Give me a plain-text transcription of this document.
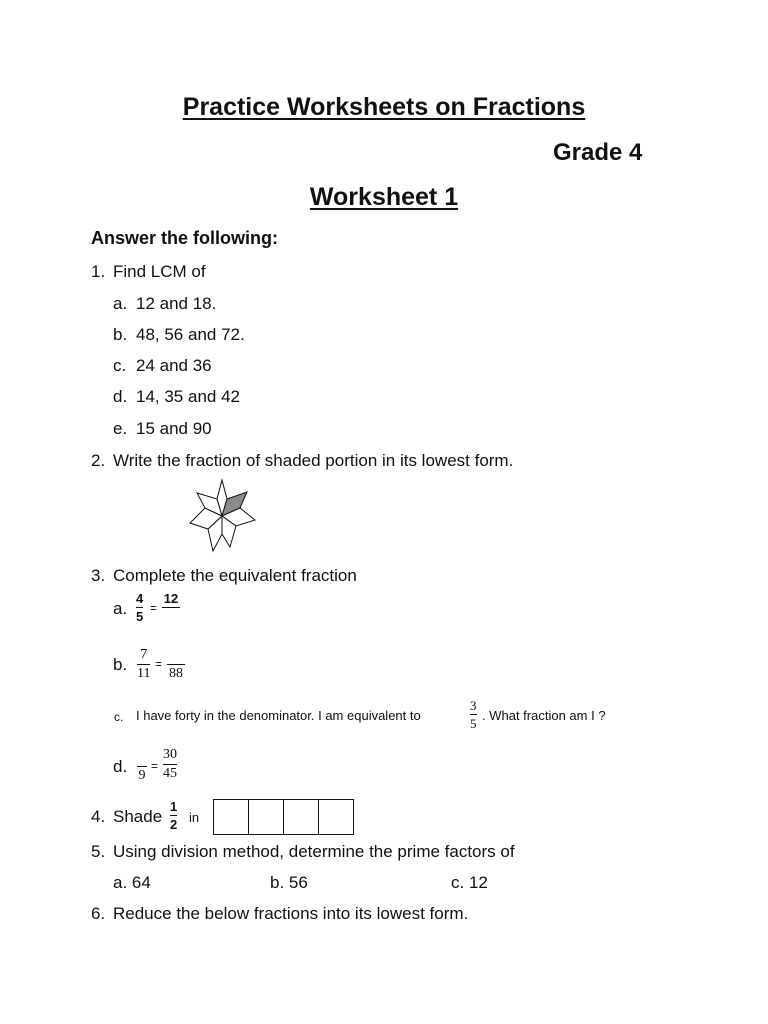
Practice Worksheets on Fractions
Grade 4
Worksheet 1
Answer the following:
1. Find LCM of
a. 12 and 18.
b. 48, 56 and 72.
c. 24 and 36
d. 14, 35 and 42
e. 15 and 90
2. Write the fraction of shaded portion in its lowest form.
3. Complete the equivalent fraction
a.
4
5
=
12
b.
7
11
=
88
c. I have forty in the denominator. I am equivalent to
3
5
. What fraction am I ?
d. 9
=
30
45
4. Shade
1
2 in
5. Using division method, determine the prime factors of
a. 64	b. 56	c. 12
6. Reduce the below fractions into its lowest form.
